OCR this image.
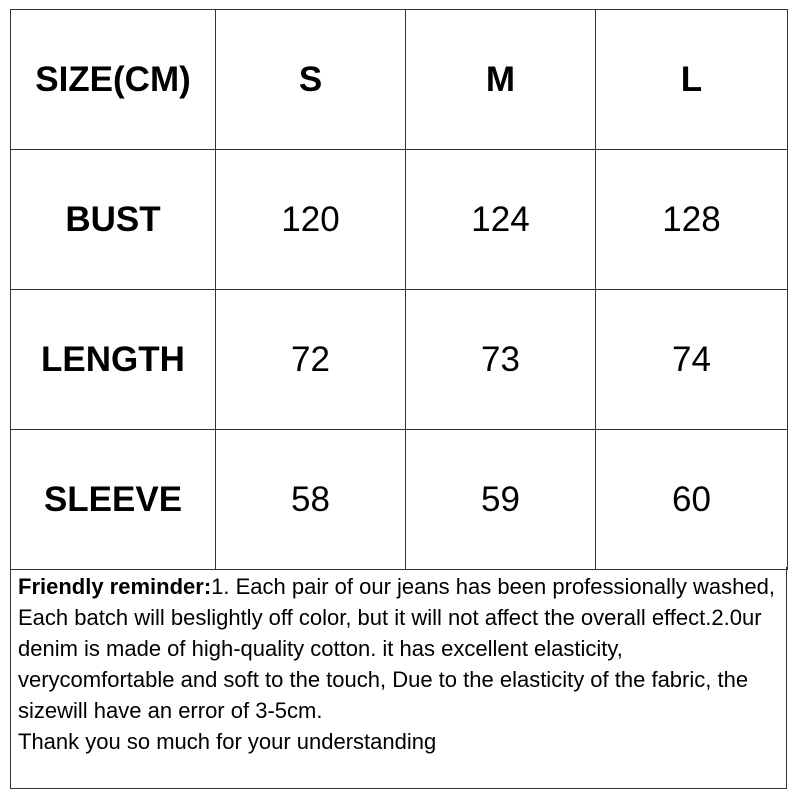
SIZE(CM)	S	M	L
BUST	120	124	128
LENGTH	72	73	74
SLEEVE	58	59	60
Friendly reminder:1. Each pair of our jeans has been professionally washed, Each batch will beslightly off color, but it will not affect the overall effect.2.0ur denim is made of high-quality cotton. it has excellent elasticity, verycomfortable and soft to the touch, Due to the elasticity of the fabric, the sizewill have an error of 3-5cm.
Thank you so much for your understanding
